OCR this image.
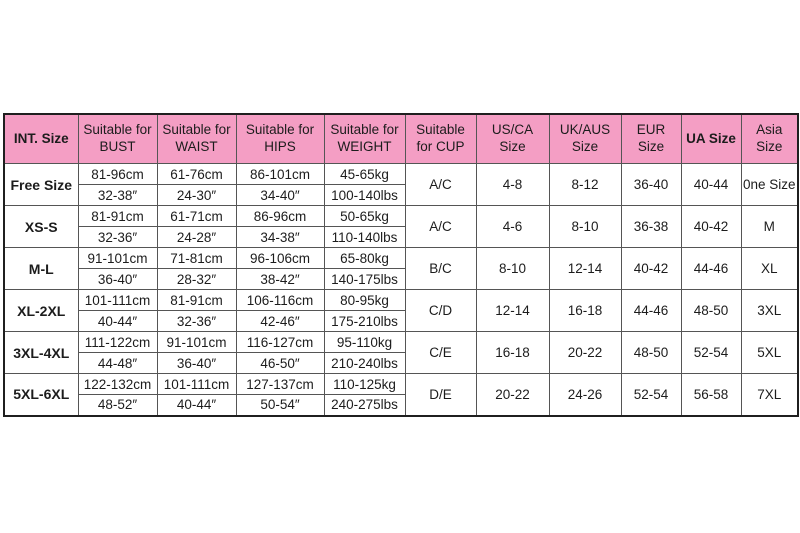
INT. Size	Suitable for BUST	Suitable for WAIST	Suitable for HIPS	Suitable for WEIGHT	Suitable for CUP	US/CA Size	UK/AUS Size	EUR Size	UA Size	Asia Size
Free Size	81-96cm	61-76cm	86-101cm	45-65kg	A/C	4-8	8-12	36-40	40-44	0ne Size
	32-38″	24-30″	34-40″	100-140lbs						
XS-S	81-91cm	61-71cm	86-96cm	50-65kg	A/C	4-6	8-10	36-38	40-42	M
	32-36″	24-28″	34-38″	110-140lbs						
M-L	91-101cm	71-81cm	96-106cm	65-80kg	B/C	8-10	12-14	40-42	44-46	XL
	36-40″	28-32″	38-42″	140-175lbs						
XL-2XL	101-111cm	81-91cm	106-116cm	80-95kg	C/D	12-14	16-18	44-46	48-50	3XL
	40-44″	32-36″	42-46″	175-210lbs						
3XL-4XL	111-122cm	91-101cm	116-127cm	95-110kg	C/E	16-18	20-22	48-50	52-54	5XL
	44-48″	36-40″	46-50″	210-240lbs						
5XL-6XL	122-132cm	101-111cm	127-137cm	110-125kg	D/E	20-22	24-26	52-54	56-58	7XL
	48-52″	40-44″	50-54″	240-275lbs						
